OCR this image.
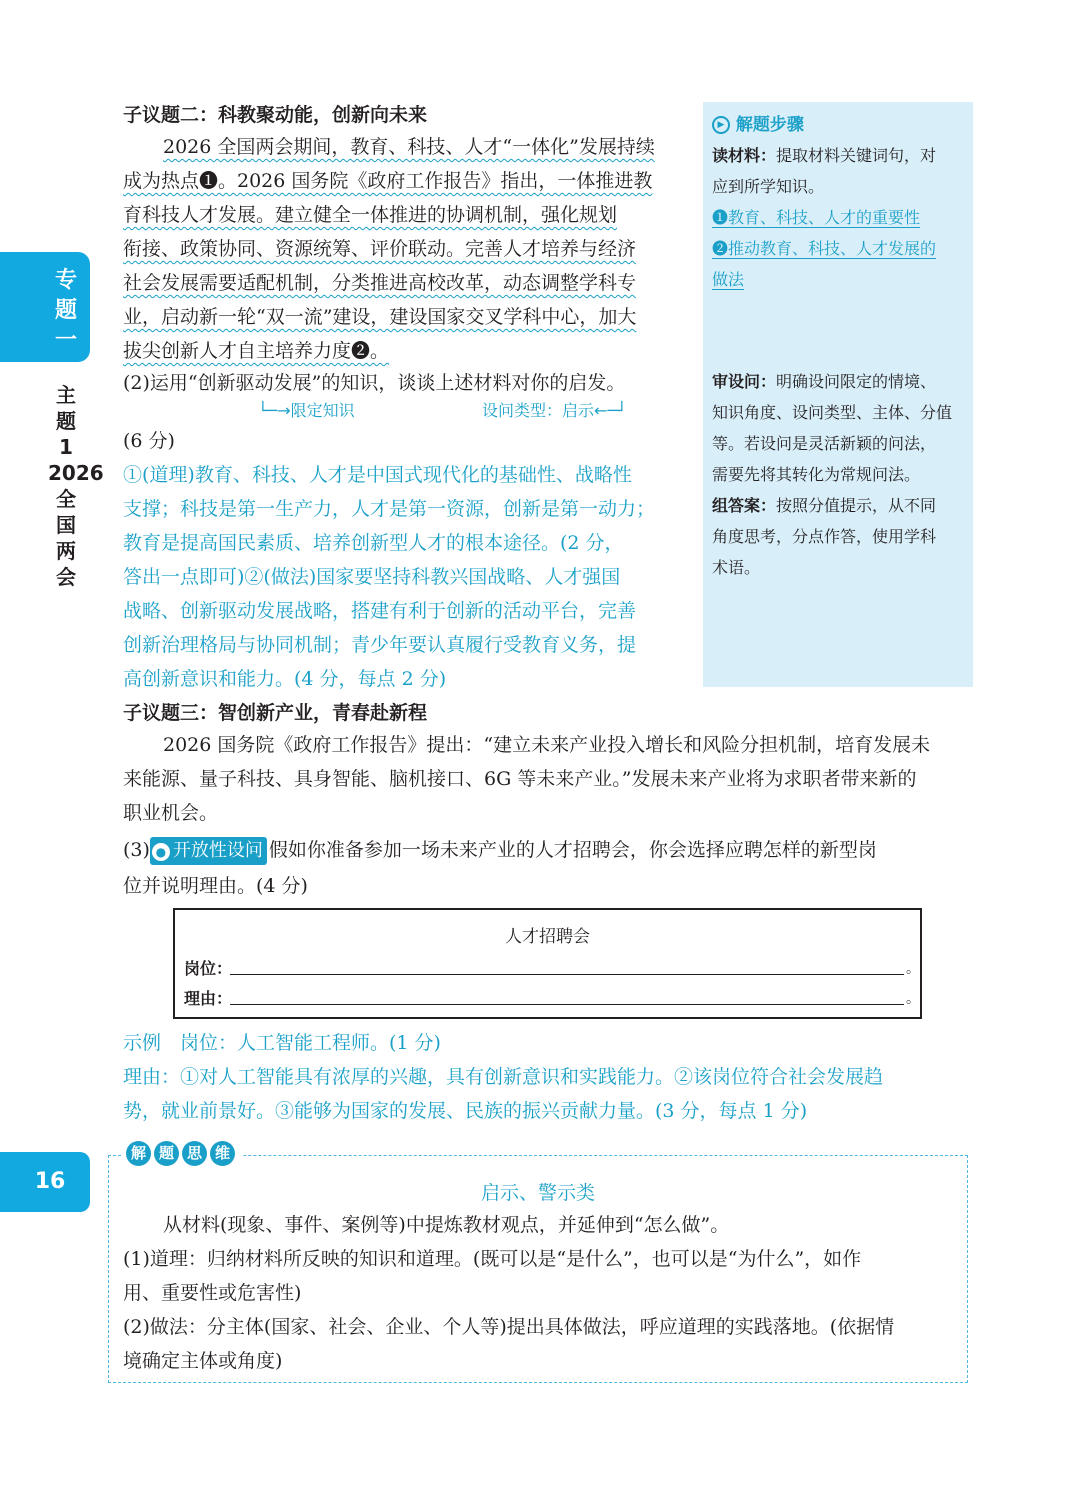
专
题
一
主
题
1
2026
全
国
两
会
16
子议题二：科教聚动能，创新向未来

2026 全国两会期间，教育、科技、人才“一体化”发展持续

成为热点❶。2026 国务院《政府工作报告》指出，一体推进教

育科技人才发展。建立健全一体推进的协调机制，强化规划

衔接、政策协同、资源统筹、评价联动。完善人才培养与经济

社会发展需要适配机制，分类推进高校改革，动态调整学科专

业，启动新一轮“双一流”建设，建设国家交叉学科中心，加大

拔尖创新人才自主培养力度❷。

(2)运用“创新驱动发展”的知识，谈谈上述材料对你的启发。
└─→限定知识	设问类型：启示←─┘
(6 分)

①(道理)教育、科技、人才是中国式现代化的基础性、战略性

支撑；科技是第一生产力，人才是第一资源，创新是第一动力；

教育是提高国民素质、培养创新型人才的根本途径。(2 分，

答出一点即可)②(做法)国家要坚持科教兴国战略、人才强国

战略、创新驱动发展战略，搭建有利于创新的活动平台，完善

创新治理格局与协同机制；青少年要认真履行受教育义务，提

高创新意识和能力。(4 分，每点 2 分)

▶ 解题步骤
读材料：提取材料关键词句，对
应到所学知识。
❶教育、科技、人才的重要性
❷推动教育、科技、人才发展的
做法
审设问：明确设问限定的情境、
知识角度、设问类型、主体、分值
等。若设问是灵活新颖的问法，
需要先将其转化为常规问法。
组答案：按照分值提示，从不同
角度思考，分点作答，使用学科
术语。
子议题三：智创新产业，青春赴新程

2026 国务院《政府工作报告》提出：“建立未来产业投入增长和风险分担机制，培育发展未

来能源、量子科技、具身智能、脑机接口、6G 等未来产业。”发展未来产业将为求职者带来新的

职业机会。

(3) ● 开放性设问 假如你准备参加一场未来产业的人才招聘会，你会选择应聘怎样的新型岗
位并说明理由。(4 分)
人才招聘会
岗位：	。
理由：	。

示例　岗位：人工智能工程师。(1 分)

理由：①对人工智能具有浓厚的兴趣，具有创新意识和实践能力。②该岗位符合社会发展趋

势，就业前景好。③能够为国家的发展、民族的振兴贡献力量。(3 分，每点 1 分)

解 题 思 维
启示、警示类

从材料(现象、事件、案例等)中提炼教材观点，并延伸到“怎么做”。

(1)道理：归纳材料所反映的知识和道理。(既可以是“是什么”，也可以是“为什么”，如作

用、重要性或危害性)

(2)做法：分主体(国家、社会、企业、个人等)提出具体做法，呼应道理的实践落地。(依据情

境确定主体或角度)
